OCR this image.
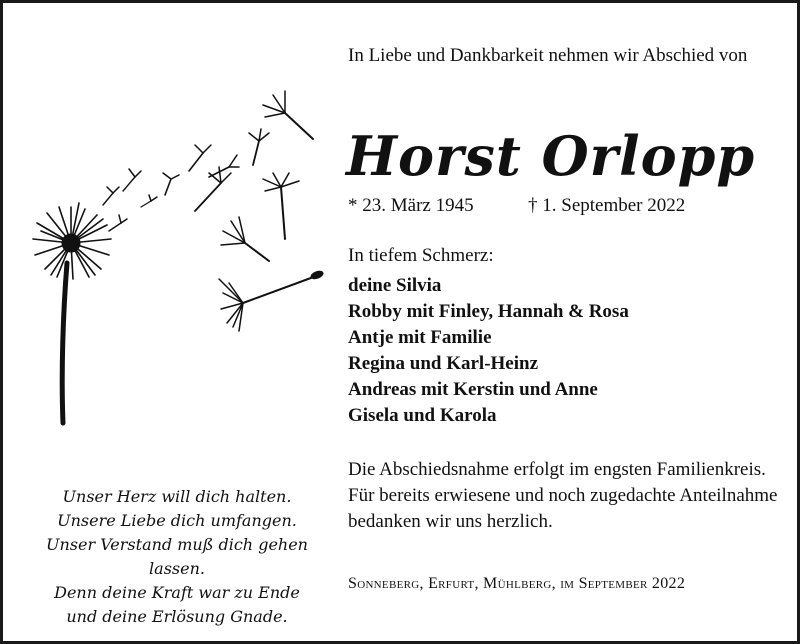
In Liebe und Dankbarkeit nehmen wir Abschied von
Horst Orlopp
* 23. März 1945	† 1. September 2022
In tiefem Schmerz:
deine Silvia
Robby mit Finley, Hannah & Rosa
Antje mit Familie
Regina und Karl-Heinz
Andreas mit Kerstin und Anne
Gisela und Karola
Die Abschiedsnahme erfolgt im engsten Familienkreis. Für bereits erwiesene und noch zugedachte Anteilnahme bedanken wir uns herzlich.
Sonneberg, Erfurt, Mühlberg, im September 2022
Unser Herz will dich halten.
Unsere Liebe dich umfangen.
Unser Verstand muß dich gehen lassen.
Denn deine Kraft war zu Ende
und deine Erlösung Gnade.
